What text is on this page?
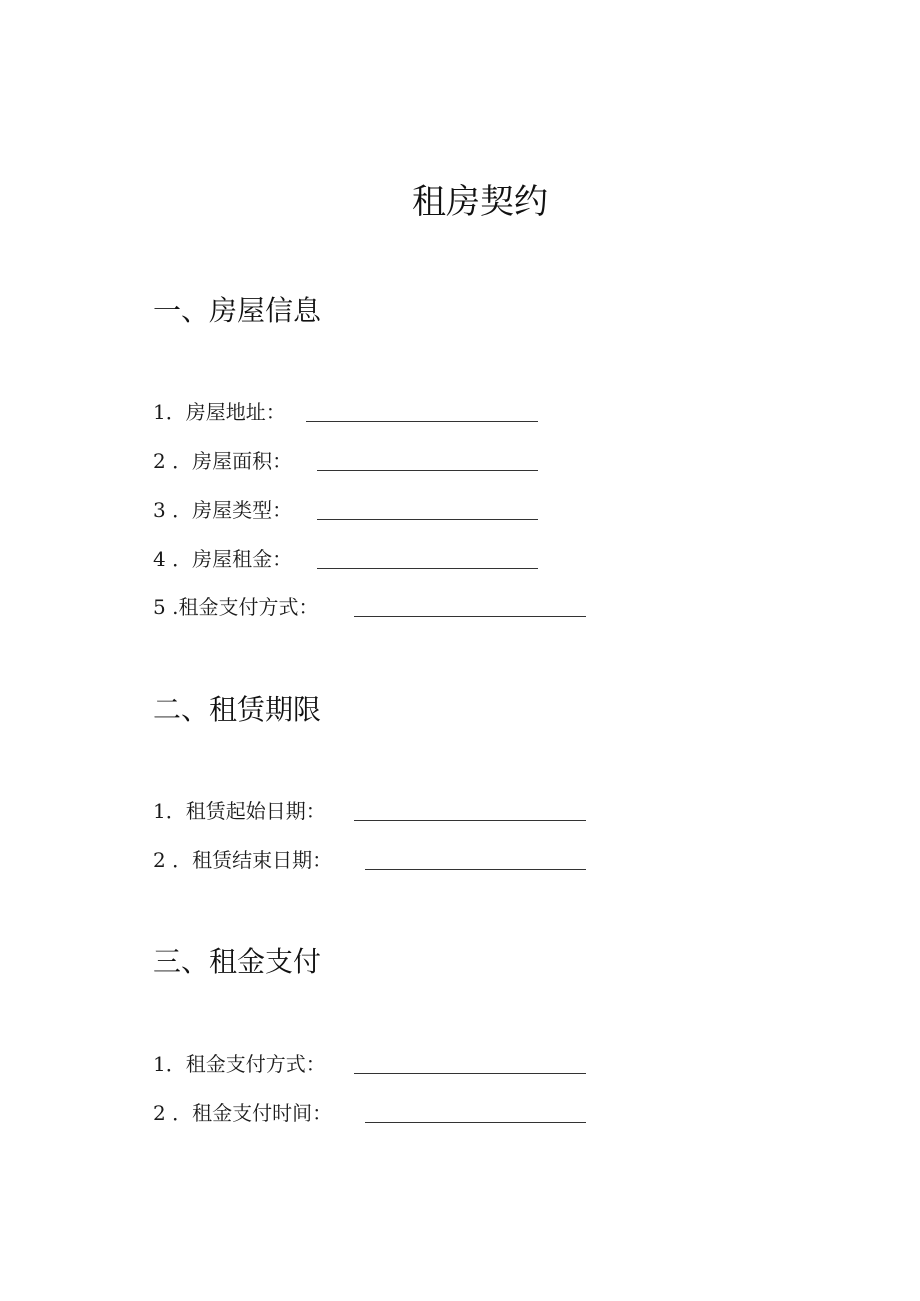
租房契约
一、房屋信息
1．房屋地址：
2 ．房屋面积：
3 ．房屋类型：
4 ．房屋租金：
5 .租金支付方式：
二、租赁期限
1．租赁起始日期：
2 ．租赁结束日期：
三、租金支付
1．租金支付方式：
2 ．租金支付时间：
